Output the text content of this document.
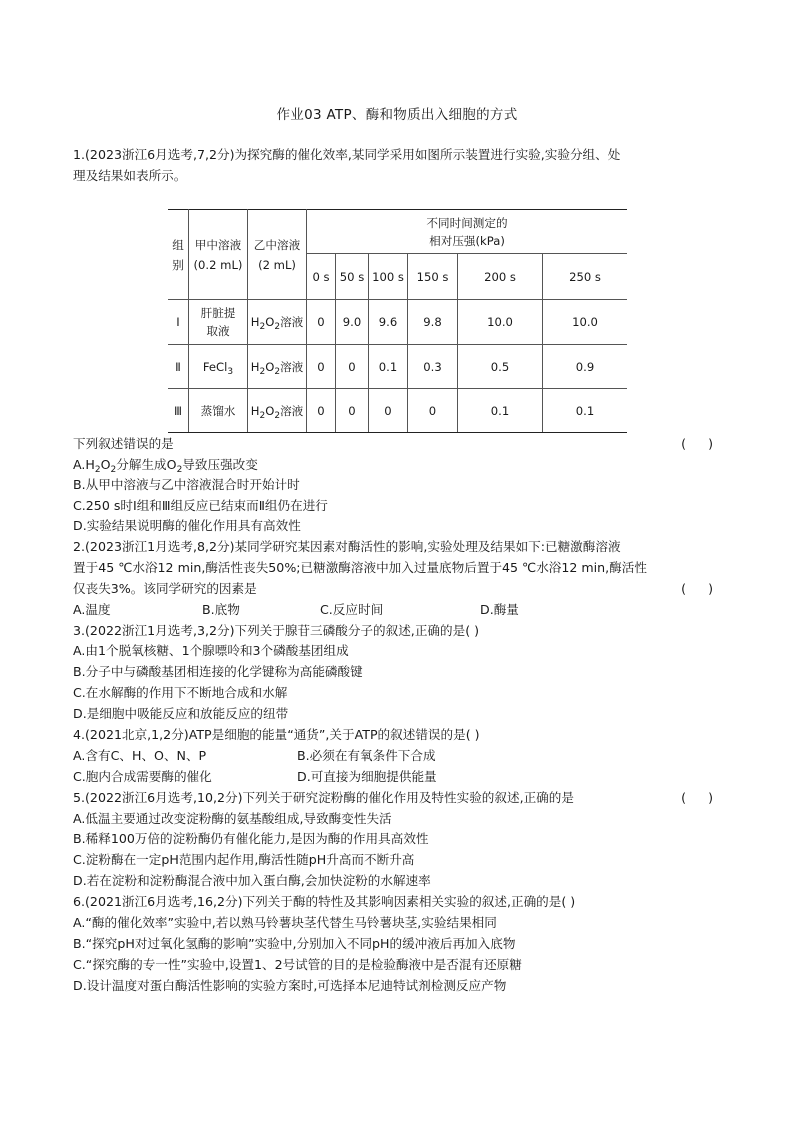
作业03 ATP、酶和物质出入细胞的方式
1.(2023浙江6月选考,7,2分)为探究酶的催化效率,某同学采用如图所示装置进行实验,实验分组、处
理及结果如表所示。
组别	甲中溶液(0.2 mL)	乙中溶液(2 mL)	不同时间测定的
相对压强(kPa)					

			0 s	50 s	100 s	150 s	200 s	250 s
Ⅰ	肝脏提取液	$H_2O_2$溶液	0	9.0	9.6	9.8	10.0	10.0
Ⅱ	FeCl$_3$	$H_2O_2$溶液	0	0	0.1	0.3	0.5	0.9
Ⅲ	蒸馏水	$H_2O_2$溶液	0	0	0	0	0.1	0.1
下列叙述错误的是	( )
$A.H_2O_2$分解生成$O_2$导致压强改变
B.从甲中溶液与乙中溶液混合时开始计时
C.250 s时Ⅰ组和Ⅲ组反应已结束而Ⅱ组仍在进行
D.实验结果说明酶的催化作用具有高效性
2.(2023浙江1月选考,8,2分)某同学研究某因素对酶活性的影响,实验处理及结果如下:已糖激酶溶液
置于45 ℃水浴12 min,酶活性丧失50%;已糖激酶溶液中加入过量底物后置于45 ℃水浴12 min,酶活性
仅丧失3%。该同学研究的因素是	( )
A.温度	B.底物	C.反应时间	D.酶量
3.(2022浙江1月选考,3,2分)下列关于腺苷三磷酸分子的叙述,正确的是( )
A.由1个脱氧核糖、1个腺嘌呤和3个磷酸基团组成
B.分子中与磷酸基团相连接的化学键称为高能磷酸键
C.在水解酶的作用下不断地合成和水解
D.是细胞中吸能反应和放能反应的纽带
4.(2021北京,1,2分)ATP是细胞的能量“通货”,关于ATP的叙述错误的是( )
A.含有C、H、O、N、P	B.必须在有氧条件下合成
C.胞内合成需要酶的催化	D.可直接为细胞提供能量
5.(2022浙江6月选考,10,2分)下列关于研究淀粉酶的催化作用及特性实验的叙述,正确的是	( )
A.低温主要通过改变淀粉酶的氨基酸组成,导致酶变性失活
B.稀释100万倍的淀粉酶仍有催化能力,是因为酶的作用具高效性
C.淀粉酶在一定pH范围内起作用,酶活性随pH升高而不断升高
D.若在淀粉和淀粉酶混合液中加入蛋白酶,会加快淀粉的水解速率
6.(2021浙江6月选考,16,2分)下列关于酶的特性及其影响因素相关实验的叙述,正确的是( )
A.“酶的催化效率”实验中,若以熟马铃薯块茎代替生马铃薯块茎,实验结果相同
B.“探究pH对过氧化氢酶的影响”实验中,分别加入不同pH的缓冲液后再加入底物
C.“探究酶的专一性”实验中,设置1、2号试管的目的是检验酶液中是否混有还原糖
D.设计温度对蛋白酶活性影响的实验方案时,可选择本尼迪特试剂检测反应产物
